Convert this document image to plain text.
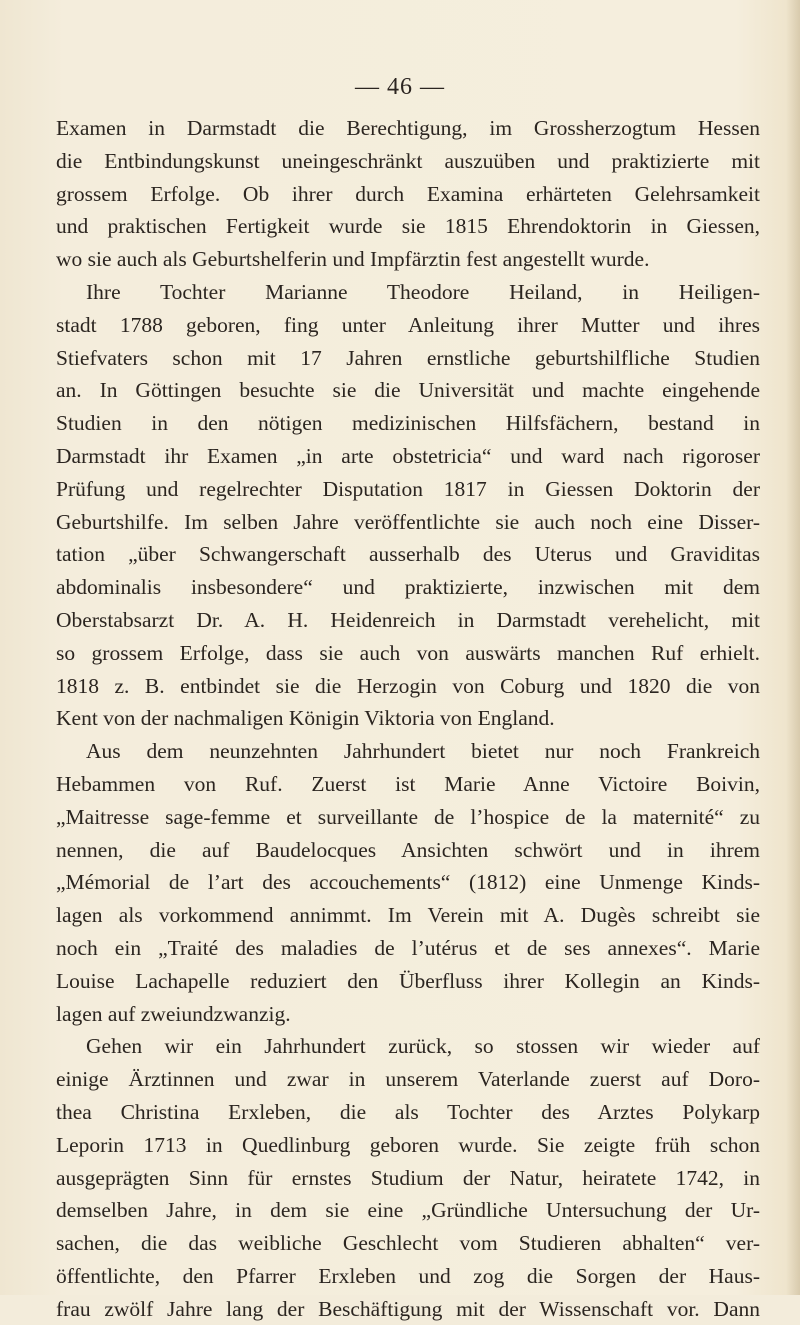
— 46 —
Examen in Darmstadt die Berechtigung, im Grossherzogtum Hessen
die Entbindungskunst uneingeschränkt auszuüben und praktizierte mit
grossem Erfolge. Ob ihrer durch Examina erhärteten Gelehrsamkeit
und praktischen Fertigkeit wurde sie 1815 Ehrendoktorin in Giessen,
wo sie auch als Geburtshelferin und Impfärztin fest angestellt wurde.
Ihre Tochter Marianne Theodore Heiland, in Heiligen-
stadt 1788 geboren, fing unter Anleitung ihrer Mutter und ihres
Stiefvaters schon mit 17 Jahren ernstliche geburtshilfliche Studien
an. In Göttingen besuchte sie die Universität und machte eingehende
Studien in den nötigen medizinischen Hilfsfächern, bestand in
Darmstadt ihr Examen „in arte obstetricia“ und ward nach rigoroser
Prüfung und regelrechter Disputation 1817 in Giessen Doktorin der
Geburtshilfe. Im selben Jahre veröffentlichte sie auch noch eine Disser-
tation „über Schwangerschaft ausserhalb des Uterus und Graviditas
abdominalis insbesondere“ und praktizierte, inzwischen mit dem
Oberstabsarzt Dr. A. H. Heidenreich in Darmstadt verehelicht, mit
so grossem Erfolge, dass sie auch von auswärts manchen Ruf erhielt.
1818 z. B. entbindet sie die Herzogin von Coburg und 1820 die von
Kent von der nachmaligen Königin Viktoria von England.
Aus dem neunzehnten Jahrhundert bietet nur noch Frankreich
Hebammen von Ruf. Zuerst ist Marie Anne Victoire Boivin,
„Maitresse sage-femme et surveillante de l’hospice de la maternité“ zu
nennen, die auf Baudelocques Ansichten schwört und in ihrem
„Mémorial de l’art des accouchements“ (1812) eine Unmenge Kinds-
lagen als vorkommend annimmt. Im Verein mit A. Dugès schreibt sie
noch ein „Traité des maladies de l’utérus et de ses annexes“. Marie
Louise Lachapelle reduziert den Überfluss ihrer Kollegin an Kinds-
lagen auf zweiundzwanzig.
Gehen wir ein Jahrhundert zurück, so stossen wir wieder auf
einige Ärztinnen und zwar in unserem Vaterlande zuerst auf Doro-
thea Christina Erxleben, die als Tochter des Arztes Polykarp
Leporin 1713 in Quedlinburg geboren wurde. Sie zeigte früh schon
ausgeprägten Sinn für ernstes Studium der Natur, heiratete 1742, in
demselben Jahre, in dem sie eine „Gründliche Untersuchung der Ur-
sachen, die das weibliche Geschlecht vom Studieren abhalten“ ver-
öffentlichte, den Pfarrer Erxleben und zog die Sorgen der Haus-
frau zwölf Jahre lang der Beschäftigung mit der Wissenschaft vor. Dann
